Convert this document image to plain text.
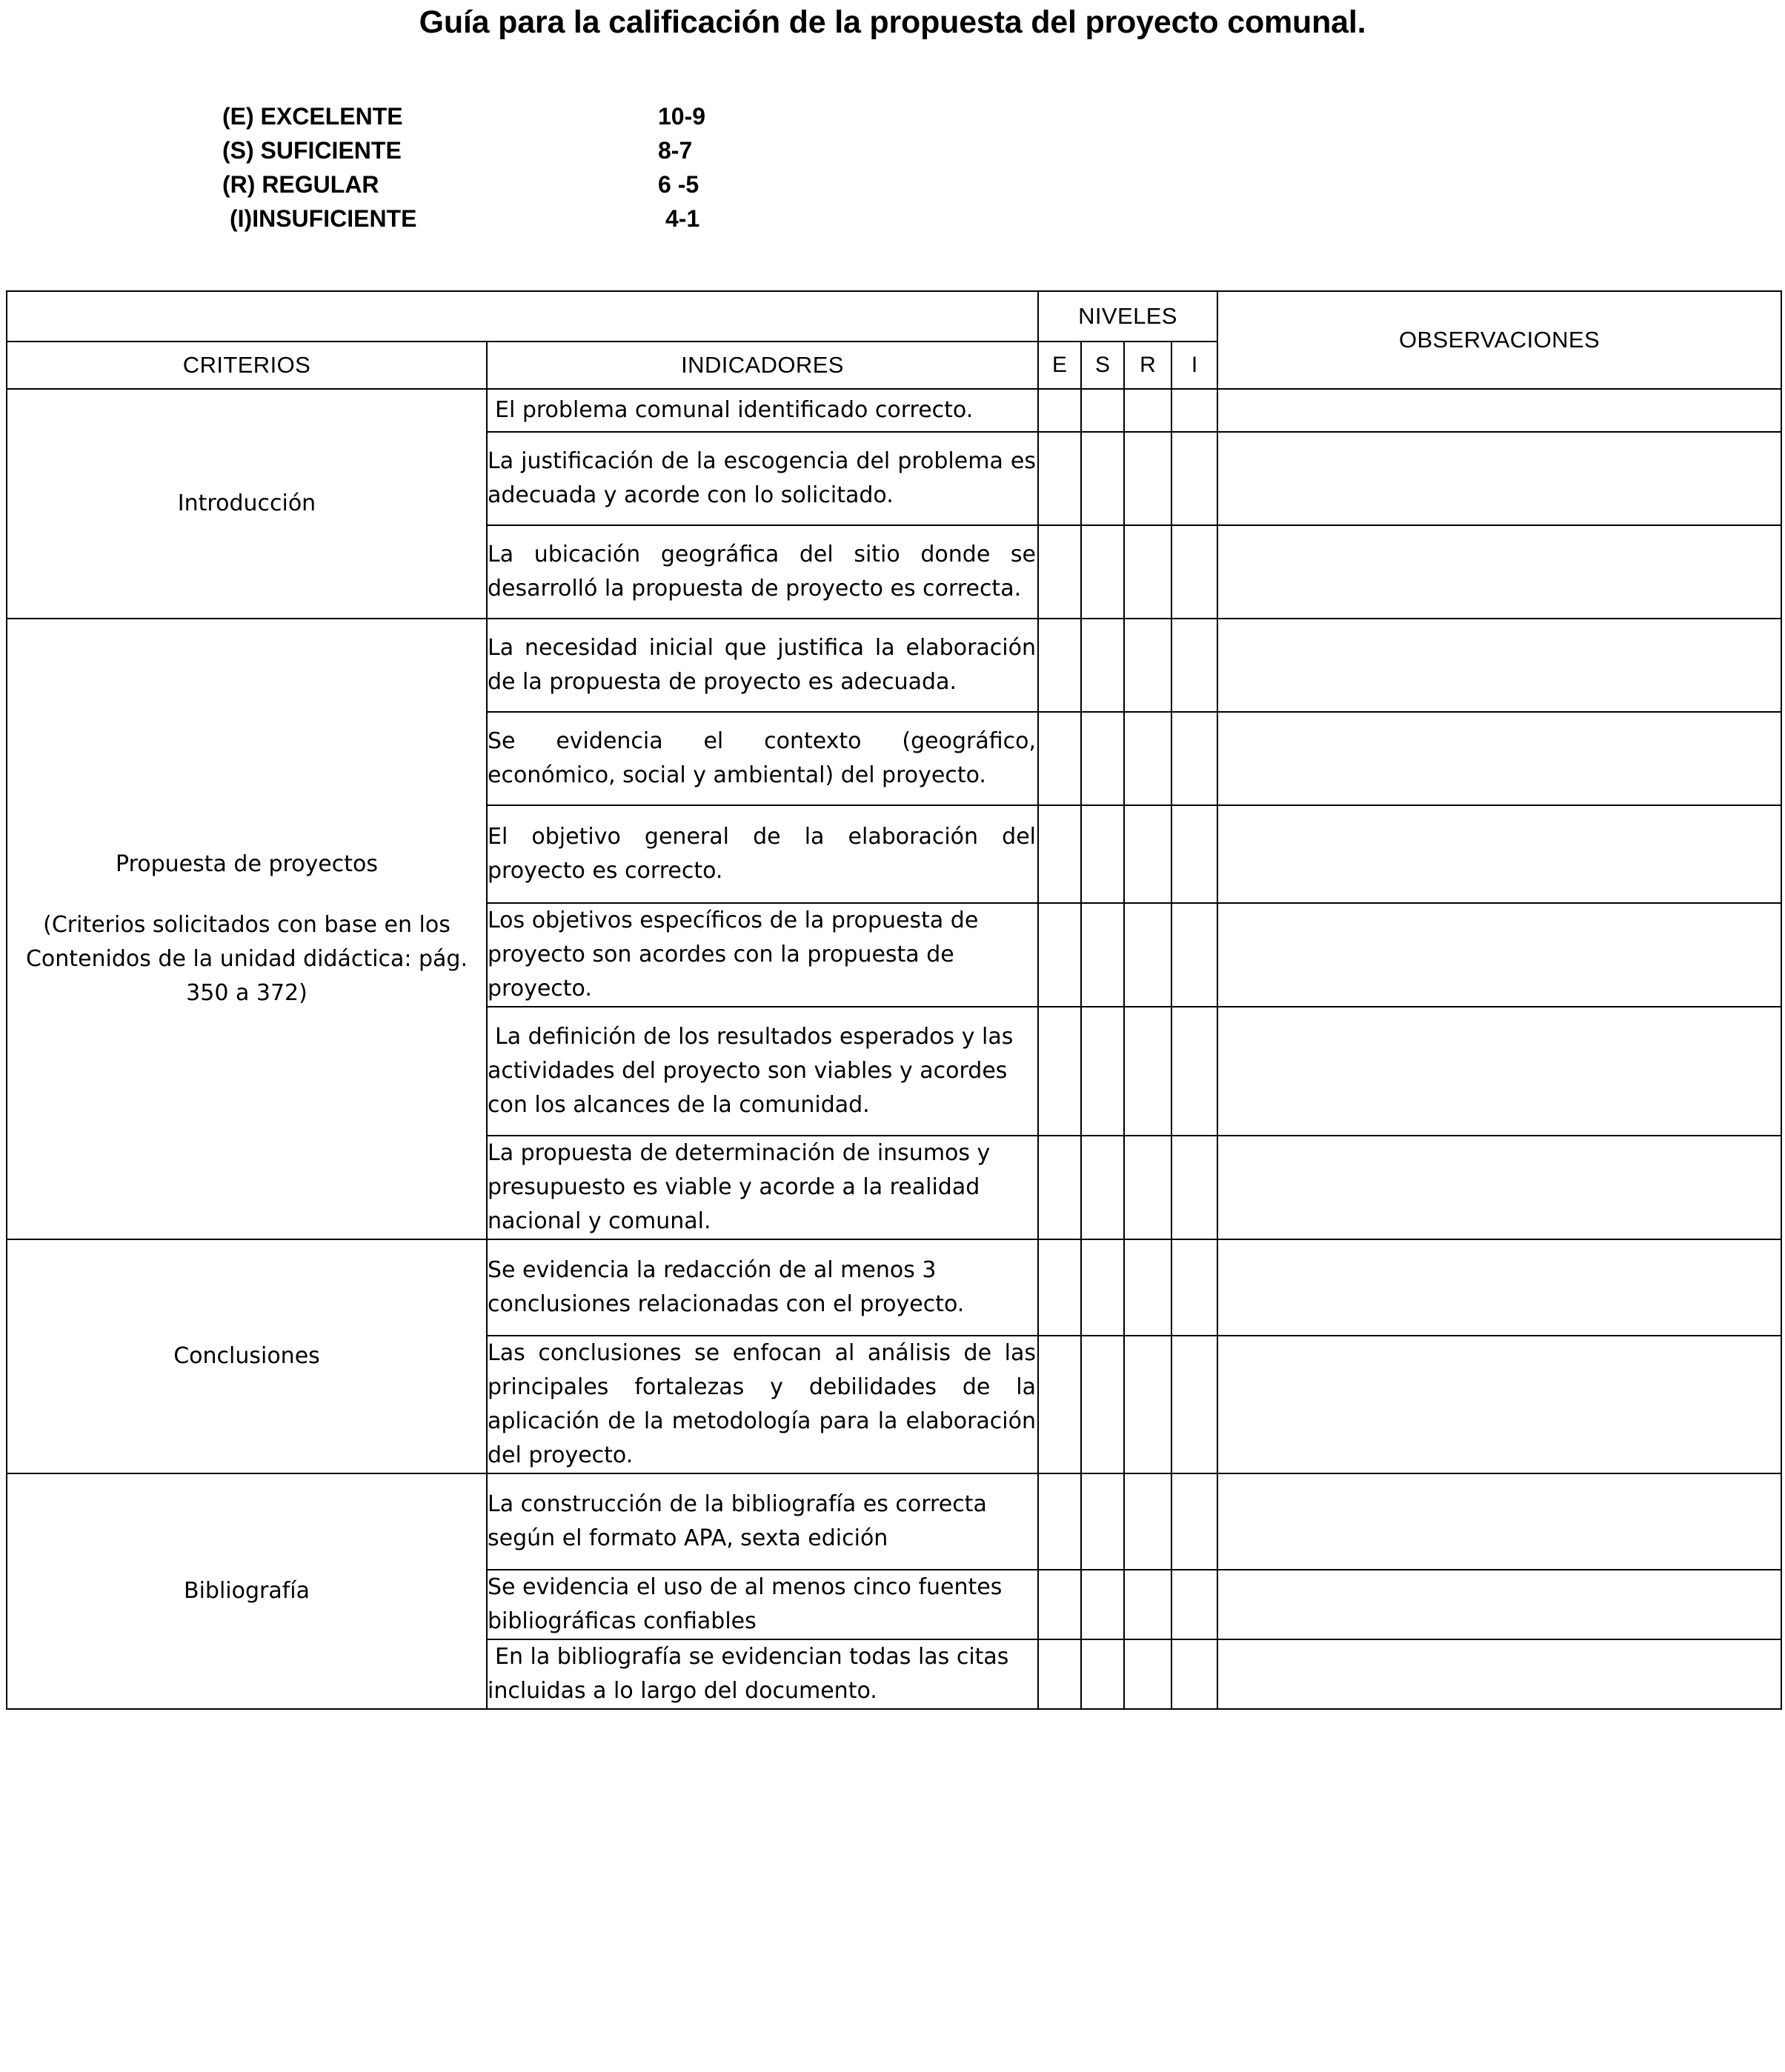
Guía para la calificación de la propuesta del proyecto comunal.
(E) EXCELENTE	10-9
(S) SUFICIENTE	8-7
(R) REGULAR	6 -5
(I)INSUFICIENTE	4-1
		NIVELES				OBSERVACIONES
CRITERIOS	INDICADORES	E	S	R	I	

Introducción	El problema comunal identificado correcto.					

	La justificación de la escogencia del problema es adecuada y acorde con lo solicitado.					

	La ubicación geográfica del sitio donde se desarrolló la propuesta de proyecto es correcta.					

Propuesta de proyectos
(Criterios solicitados con base en los Contenidos de la unidad didáctica: pág. 350 a 372)	La necesidad inicial que justifica la elaboración de la propuesta de proyecto es adecuada.					

	Se evidencia el contexto (geográfico, económico, social y ambiental) del proyecto.					

	El objetivo general de la elaboración del proyecto es correcto.					

	Los objetivos específicos de la propuesta de proyecto son acordes con la propuesta de proyecto.					

	La definición de los resultados esperados y las actividades del proyecto son viables y acordes con los alcances de la comunidad.					

	La propuesta de determinación de insumos y presupuesto es viable y acorde a la realidad nacional y comunal.					

Conclusiones	Se evidencia la redacción de al menos 3 conclusiones relacionadas con el proyecto.					

	Las conclusiones se enfocan al análisis de las principales fortalezas y debilidades de la aplicación de la metodología para la elaboración del proyecto.					

Bibliografía	La construcción de la bibliografía es correcta según el formato APA, sexta edición					

	Se evidencia el uso de al menos cinco fuentes bibliográficas confiables					

	En la bibliografía se evidencian todas las citas incluidas a lo largo del documento.					
